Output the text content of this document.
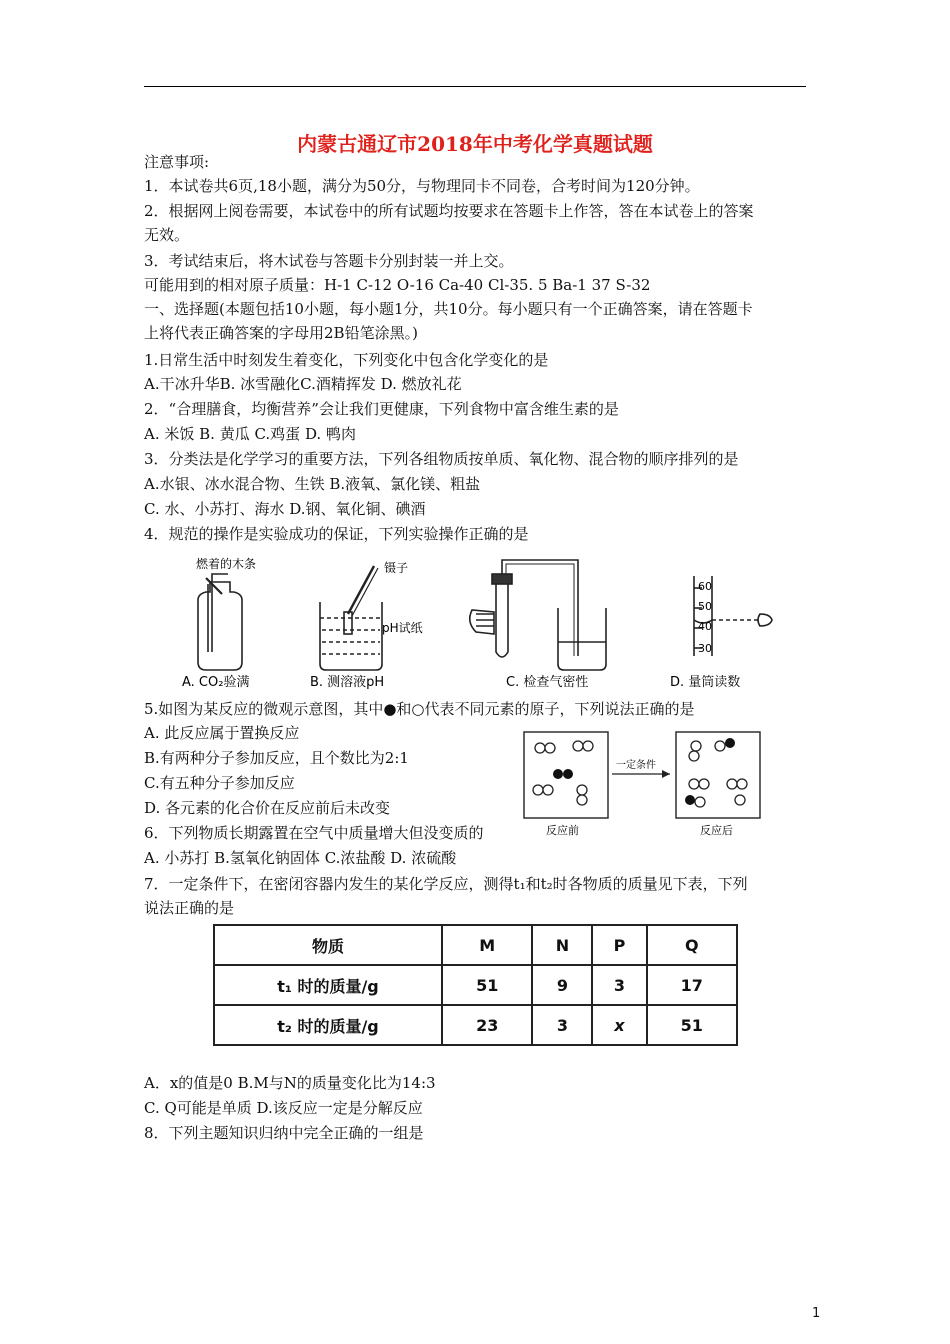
内蒙古通辽市2018年中考化学真题试题
注意事项:
1．本试卷共6页,18小题，满分为50分，与物理同卡不同卷，合考时间为120分钟。
2．根据网上阅卷需要，本试卷中的所有试题均按要求在答题卡上作答，答在本试卷上的答案
无效。
3．考试结束后，将木试卷与答题卡分别封装一并上交。
可能用到的相对原子质量：H-1 C-12 O-16 Ca-40 Cl-35. 5 Ba-1 37 S-32
一、选择题(本题包括10小题，每小题1分，共10分。每小题只有一个正确答案，请在答题卡
上将代表正确答案的字母用2B铅笔涂黑。)
1.日常生活中时刻发生着变化，下列变化中包含化学变化的是
A.干冰升华B. 冰雪融化C.酒精挥发 D. 燃放礼花
2．“合理膳食，均衡营养”会让我们更健康，下列食物中富含维生素的是
A. 米饭 B. 黄瓜 C.鸡蛋 D. 鸭肉
3．分类法是化学学习的重要方法，下列各组物质按单质、氧化物、混合物的顺序排列的是
A.水银、冰水混合物、生铁 B.液氧、氯化镁、粗盐
C. 水、小苏打、海水 D.钢、氧化铜、碘酒
4．规范的操作是实验成功的保证，下列实验操作正确的是
燃着的木条
A. CO₂验满
镊子
pH试纸
B. 测溶液pH	C. 检查气密性
60
50
40
30
D. 量筒读数
5.如图为某反应的微观示意图，其中●和○代表不同元素的原子，下列说法正确的是
A. 此反应属于置换反应
B.有两种分子参加反应，且个数比为2:1
C.有五种分子参加反应
D. 各元素的化合价在反应前后未改变
一定条件
反应前	反应后
6．下列物质长期露置在空气中质量增大但没变质的
A. 小苏打 B.氢氧化钠固体 C.浓盐酸 D. 浓硫酸
7．一定条件下，在密闭容器内发生的某化学反应，测得t₁和t₂时各物质的质量见下表，下列
说法正确的是
物质	M	N	P	Q
t₁ 时的质量/g	51	9	3	17
t₂ 时的质量/g	23	3	x	51
A．x的值是0 B.M与N的质量变化比为14:3
C. Q可能是单质 D.该反应一定是分解反应
8．下列主题知识归纳中完全正确的一组是
1
